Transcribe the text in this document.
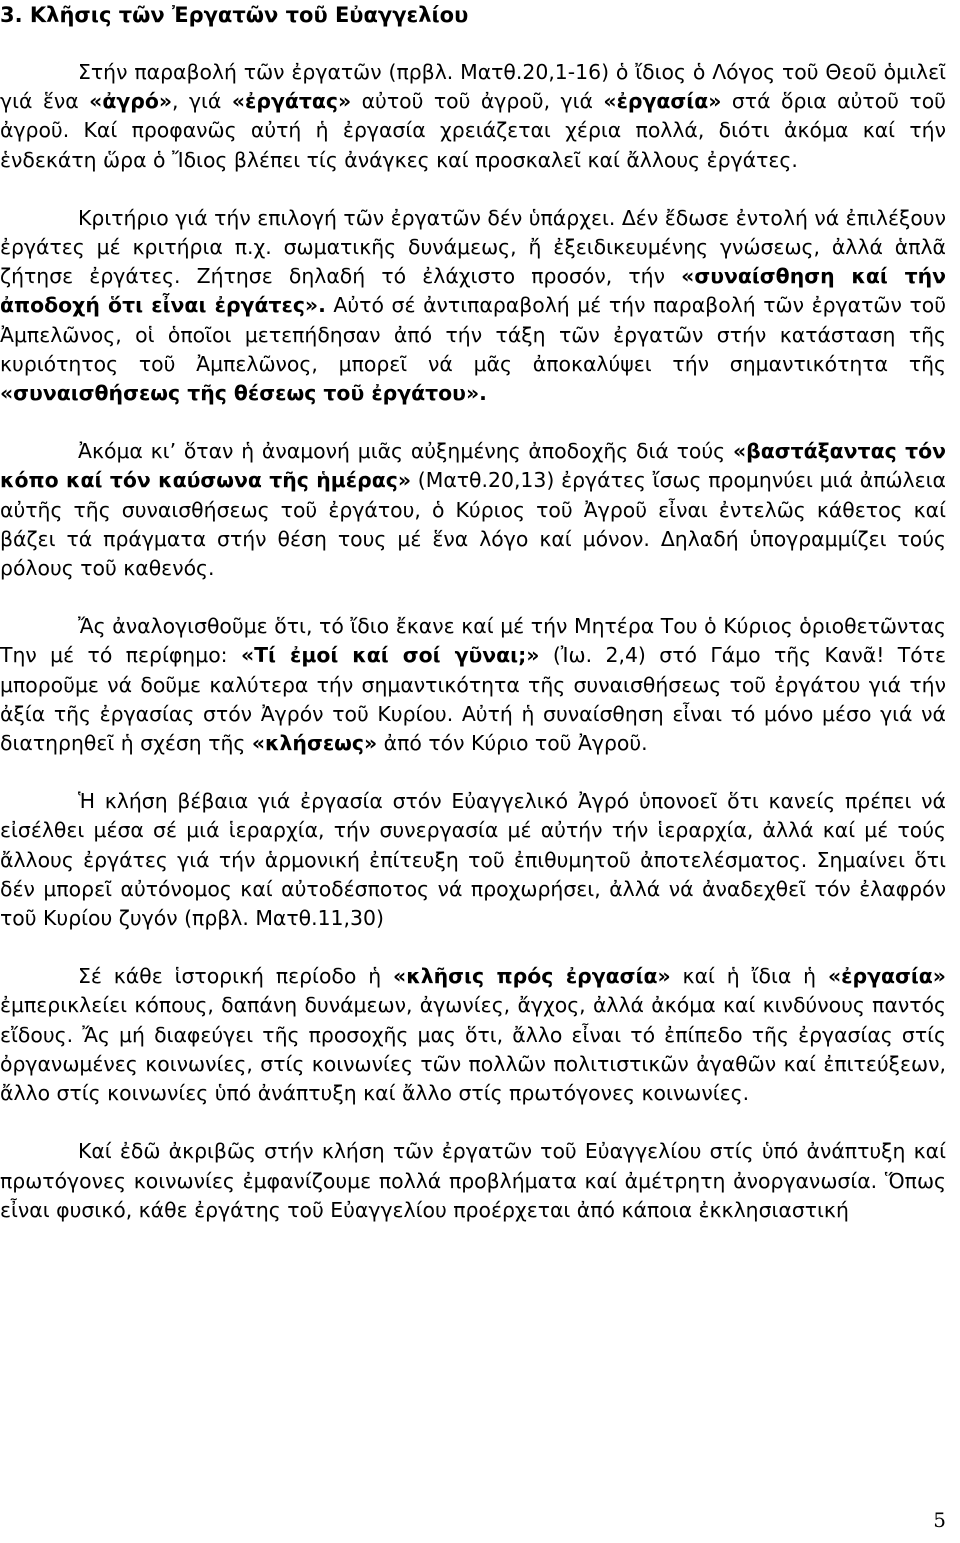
3. Κλῆσις τῶν Ἐργατῶν τοῦ Εὐαγγελίου

Στήν παραβολή τῶν ἐργατῶν (πρβλ. Ματθ.20,1-16) ὁ ἴδιος ὁ Λόγος τοῦ Θεοῦ ὁμιλεῖ γιά ἕνα «ἀγρό», γιά «ἐργάτας» αὐτοῦ τοῦ ἀγροῦ, γιά «ἐργασία» στά ὅρια αὐτοῦ τοῦ ἀγροῦ. Καί προφανῶς αὐτή ἡ ἐργασία χρειάζεται χέρια πολλά, διότι ἀκόμα καί τήν ἑνδεκάτη ὥρα ὁ Ἴδιος βλέπει τίς ἀνάγκες καί προσκαλεῖ καί ἄλλους ἐργάτες.

Κριτήριο γιά τήν επιλογή τῶν ἐργατῶν δέν ὑπάρχει. Δέν ἔδωσε ἐντολή νά ἐπιλέξουν ἐργάτες μέ κριτήρια π.χ. σωματικῆς δυνάμεως, ἤ ἐξειδικευμένης γνώσεως, ἀλλά ἁπλᾶ ζήτησε ἐργάτες. Ζήτησε δηλαδή τό ἐλάχιστο προσόν, τήν «συναίσθηση καί τήν ἀποδοχή ὅτι εἶναι ἐργάτες». Αὐτό σέ ἀντιπαραβολή μέ τήν παραβολή τῶν ἐργατῶν τοῦ Ἀμπελῶνος, οἱ ὁποῖοι μετεπήδησαν ἀπό τήν τάξη τῶν ἐργατῶν στήν κατάσταση τῆς κυριότητος τοῦ Ἀμπελῶνος, μπορεῖ νά μᾶς ἀποκαλύψει τήν σημαντικότητα τῆς «συναισθήσεως τῆς θέσεως τοῦ ἐργάτου».

Ἀκόμα κι’ ὅταν ἡ ἀναμονή μιᾶς αὐξημένης ἀποδοχῆς διά τούς «βαστάξαντας τόν κόπο καί τόν καύσωνα τῆς ἡμέρας» (Ματθ.20,13) ἐργάτες ἴσως προμηνύει μιά ἀπώλεια αὐτῆς τῆς συναισθήσεως τοῦ ἐργάτου, ὁ Κύριος τοῦ Ἀγροῦ εἶναι ἐντελῶς κάθετος καί βάζει τά πράγματα στήν θέση τους μέ ἕνα λόγο καί μόνον. Δηλαδή ὑπογραμμίζει τούς ρόλους τοῦ καθενός.

Ἄς ἀναλογισθοῦμε ὅτι, τό ἴδιο ἔκανε καί μέ τήν Μητέρα Του ὁ Κύριος ὁριοθετῶντας Την μέ τό περίφημο: «Τί ἐμοί καί σοί γῦναι;» (Ἰω. 2,4) στό Γάμο τῆς Κανᾶ! Τότε μποροῦμε νά δοῦμε καλύτερα τήν σημαντικότητα τῆς συναισθήσεως τοῦ ἐργάτου γιά τήν ἀξία τῆς ἐργασίας στόν Ἀγρόν τοῦ Κυρίου. Αὐτή ἡ συναίσθηση εἶναι τό μόνο μέσο γιά νά διατηρηθεῖ ἡ σχέση τῆς «κλήσεως» ἀπό τόν Κύριο τοῦ Ἀγροῦ.

Ἡ κλήση βέβαια γιά ἐργασία στόν Εὐαγγελικό Ἀγρό ὑπονοεῖ ὅτι κανείς πρέπει νά εἰσέλθει μέσα σέ μιά ἱεραρχία, τήν συνεργασία μέ αὐτήν τήν ἱεραρχία, ἀλλά καί μέ τούς ἄλλους ἐργάτες γιά τήν ἁρμονική ἐπίτευξη τοῦ ἐπιθυμητοῦ ἀποτελέσματος. Σημαίνει ὅτι δέν μπορεῖ αὐτόνομος καί αὐτοδέσποτος νά προχωρήσει, ἀλλά νά ἀναδεχθεῖ τόν ἐλαφρόν τοῦ Κυρίου ζυγόν (πρβλ. Ματθ.11,30)

Σέ κάθε ἱστορική περίοδο ἡ «κλῆσις πρός ἐργασία» καί ἡ ἴδια ἡ «ἐργασία» ἐμπερικλείει κόπους, δαπάνη δυνάμεων, ἀγωνίες, ἄγχος, ἀλλά ἀκόμα καί κινδύνους παντός εἴδους. Ἄς μή διαφεύγει τῆς προσοχῆς μας ὅτι, ἄλλο εἶναι τό ἐπίπεδο τῆς ἐργασίας στίς ὀργανωμένες κοινωνίες, στίς κοινωνίες τῶν πολλῶν πολιτιστικῶν ἀγαθῶν καί ἐπιτεύξεων, ἄλλο στίς κοινωνίες ὑπό ἀνάπτυξη καί ἄλλο στίς πρωτόγονες κοινωνίες.

Καί ἐδῶ ἀκριβῶς στήν κλήση τῶν ἐργατῶν τοῦ Εὐαγγελίου στίς ὑπό ἀνάπτυξη καί πρωτόγονες κοινωνίες ἐμφανίζουμε πολλά προβλήματα καί ἀμέτρητη ἀνοργανωσία. Ὅπως εἶναι φυσικό, κάθε ἐργάτης τοῦ Εὐαγγελίου προέρχεται ἀπό κάποια ἐκκλησιαστική

5
